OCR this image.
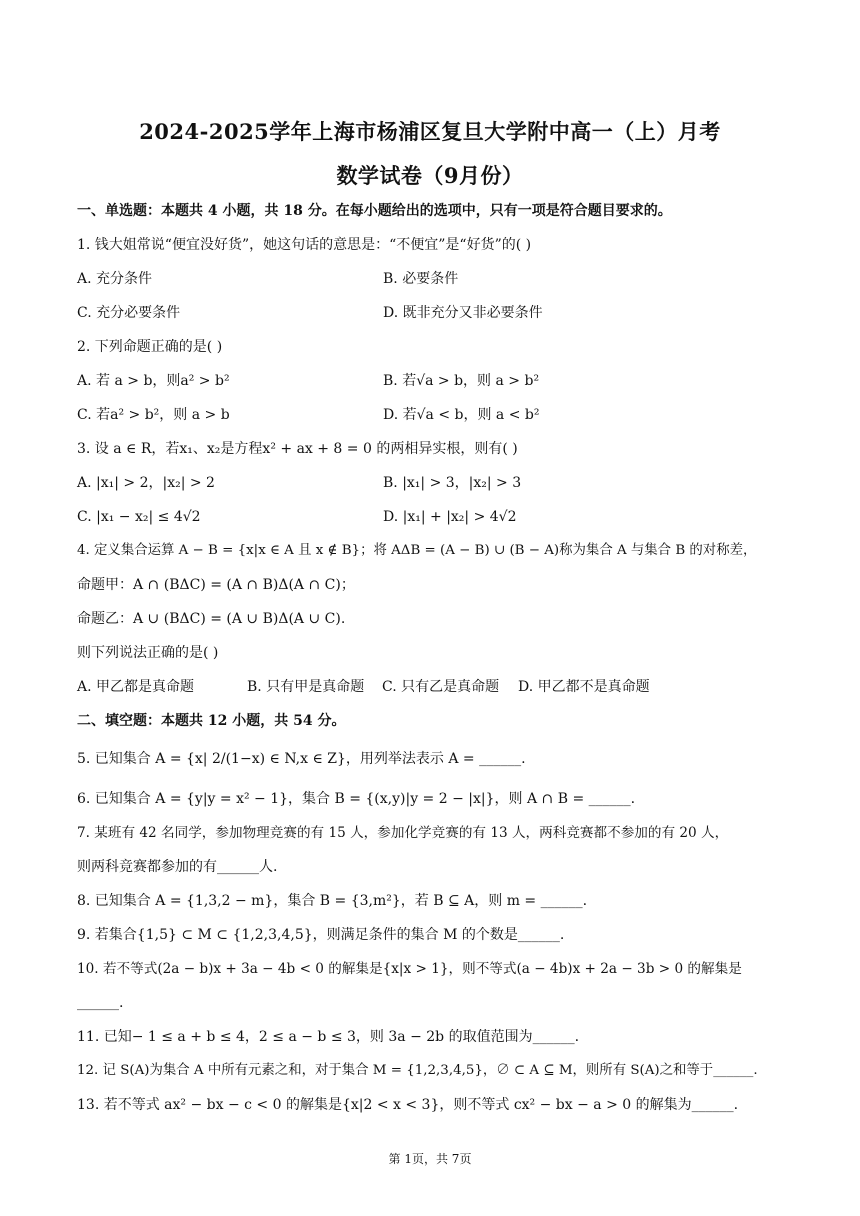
2024-2025学年上海市杨浦区复旦大学附中高一（上）月考
数学试卷（9月份）
一、单选题：本题共 4 小题，共 18 分。在每小题给出的选项中，只有一项是符合题目要求的。
1. 钱大姐常说“便宜没好货”，她这句话的意思是：“不便宜”是“好货”的( )
A. 充分条件	B. 必要条件
C. 充分必要条件	D. 既非充分又非必要条件
2. 下列命题正确的是( )
A. 若 a > b，则a² > b²	B. 若√a > b，则 a > b²
C. 若a² > b²，则 a > b	D. 若√a < b，则 a < b²
3. 设 a ∈ R，若x₁、x₂是方程x² + ax + 8 = 0 的两相异实根，则有( )
A. |x₁| > 2，|x₂| > 2	B. |x₁| > 3，|x₂| > 3
C. |x₁ − x₂| ≤ 4√2	D. |x₁| + |x₂| > 4√2
4. 定义集合运算 A − B = {x|x ∈ A 且 x ∉ B}；将 AΔB = (A − B) ∪ (B − A)称为集合 A 与集合 B 的对称差，
命题甲：A ∩ (BΔC) = (A ∩ B)Δ(A ∩ C)；
命题乙：A ∪ (BΔC) = (A ∪ B)Δ(A ∪ C).
则下列说法正确的是( )
A. 甲乙都是真命题	B. 只有甲是真命题 C. 只有乙是真命题 D. 甲乙都不是真命题
二、填空题：本题共 12 小题，共 54 分。
5. 已知集合 A = {x| 2/(1−x) ∈ N,x ∈ Z}，用列举法表示 A = ______.
6. 已知集合 A = {y|y = x² − 1}，集合 B = {(x,y)|y = 2 − |x|}，则 A ∩ B = ______.
7. 某班有 42 名同学，参加物理竞赛的有 15 人，参加化学竞赛的有 13 人，两科竞赛都不参加的有 20 人，
则两科竞赛都参加的有______人.
8. 已知集合 A = {1,3,2 − m}，集合 B = {3,m²}，若 B ⊆ A，则 m = ______.
9. 若集合{1,5} ⊂ M ⊂ {1,2,3,4,5}，则满足条件的集合 M 的个数是______.
10. 若不等式(2a − b)x + 3a − 4b < 0 的解集是{x|x > 1}，则不等式(a − 4b)x + 2a − 3b > 0 的解集是
______.
11. 已知− 1 ≤ a + b ≤ 4，2 ≤ a − b ≤ 3，则 3a − 2b 的取值范围为______.
12. 记 S(A)为集合 A 中所有元素之和，对于集合 M = {1,2,3,4,5}，∅ ⊂ A ⊆ M，则所有 S(A)之和等于______.
13. 若不等式 ax² − bx − c < 0 的解集是{x|2 < x < 3}，则不等式 cx² − bx − a > 0 的解集为______.
第 1页，共 7页
